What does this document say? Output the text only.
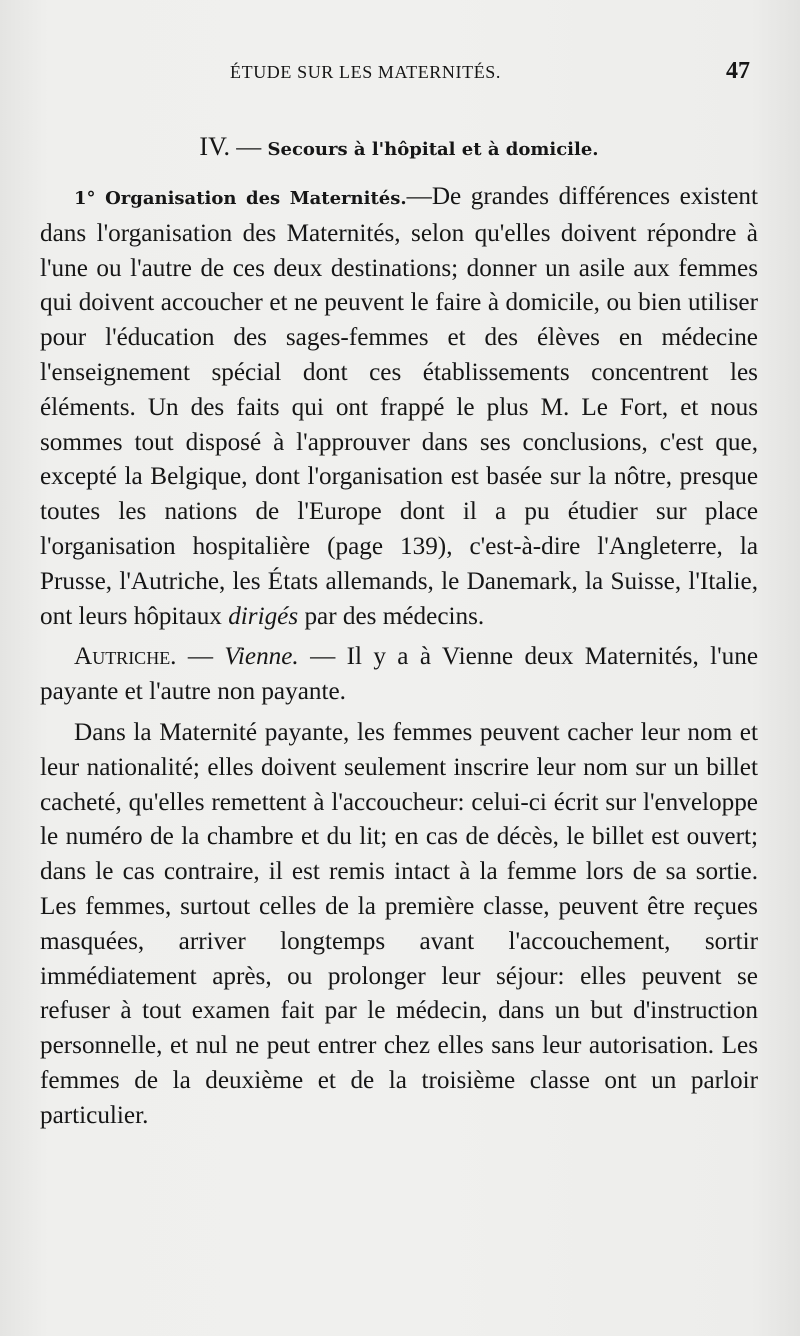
ÉTUDE SUR LES MATERNITÉS.	47
IV. — Secours à l'hôpital et à domicile.

1° Organisation des Maternités.—De grandes différences existent dans l'organisation des Maternités, selon qu'elles doivent répondre à l'une ou l'autre de ces deux destinations; donner un asile aux femmes qui doivent accoucher et ne peuvent le faire à domicile, ou bien utiliser pour l'éducation des sages-femmes et des élèves en médecine l'enseignement spécial dont ces établissements concentrent les éléments. Un des faits qui ont frappé le plus M. Le Fort, et nous sommes tout disposé à l'approuver dans ses conclusions, c'est que, excepté la Belgique, dont l'organisation est basée sur la nôtre, presque toutes les nations de l'Europe dont il a pu étudier sur place l'organisation hospitalière (page 139), c'est-à-dire l'Angleterre, la Prusse, l'Autriche, les États allemands, le Danemark, la Suisse, l'Italie, ont leurs hôpitaux dirigés par des médecins.

Autriche. — Vienne. — Il y a à Vienne deux Maternités, l'une payante et l'autre non payante.

Dans la Maternité payante, les femmes peuvent cacher leur nom et leur nationalité; elles doivent seulement inscrire leur nom sur un billet cacheté, qu'elles remettent à l'accoucheur: celui-ci écrit sur l'enveloppe le numéro de la chambre et du lit; en cas de décès, le billet est ouvert; dans le cas contraire, il est remis intact à la femme lors de sa sortie. Les femmes, surtout celles de la première classe, peuvent être reçues masquées, arriver longtemps avant l'accouchement, sortir immédiatement après, ou prolonger leur séjour: elles peuvent se refuser à tout examen fait par le médecin, dans un but d'instruction personnelle, et nul ne peut entrer chez elles sans leur autorisation. Les femmes de la deuxième et de la troisième classe ont un parloir particulier.
